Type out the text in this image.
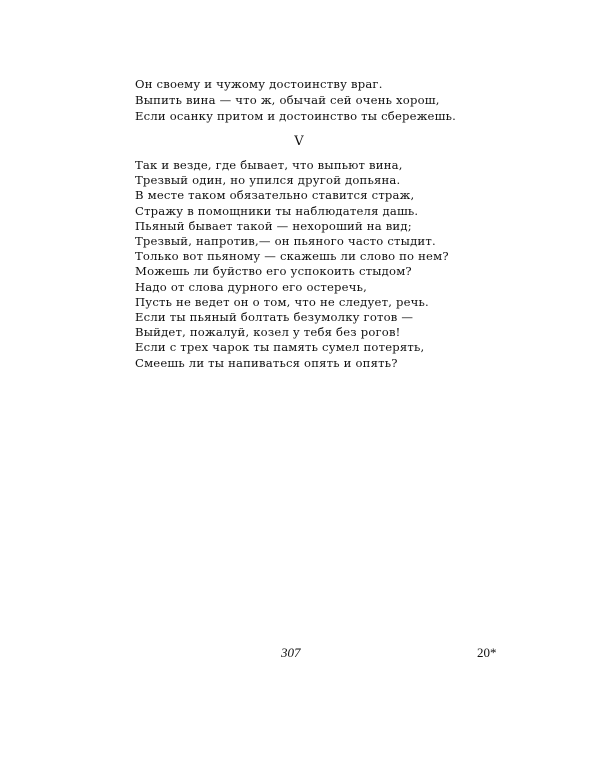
Он своему и чужому достоинству враг.
Выпить вина — что ж, обычай сей очень хорош,
Если осанку притом и достоинство ты сбережешь.
V
Так и везде, где бывает, что выпьют вина,
Трезвый один, но упился другой допьяна.
В месте таком обязательно ставится страж,
Стражу в помощники ты наблюдателя дашь.
Пьяный бывает такой — нехороший на вид;
Трезвый, напротив,— он пьяного часто стыдит.
Только вот пьяному — скажешь ли слово по нем?
Можешь ли буйство его успокоить стыдом?
Надо от слова дурного его остеречь,
Пусть не ведет он о том, что не следует, речь.
Если ты пьяный болтать безумолку готов —
Выйдет, пожалуй, козел у тебя без рогов!
Если с трех чарок ты память сумел потерять,
Смеешь ли ты напиваться опять и опять?
307	20*
